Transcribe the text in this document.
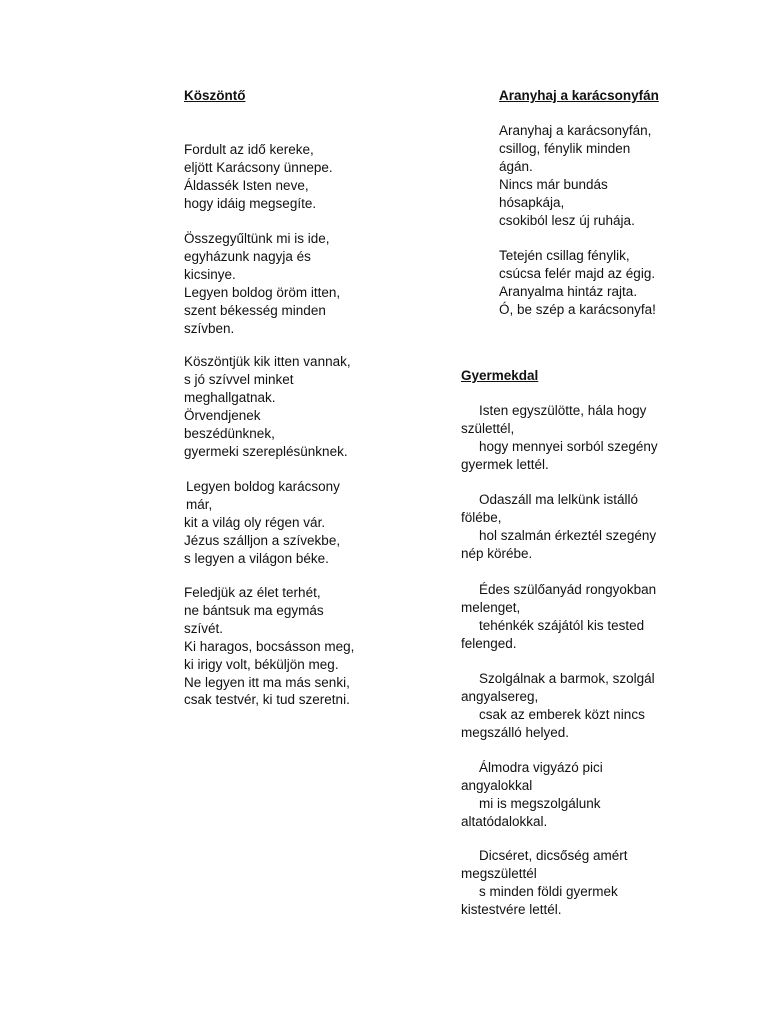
Köszöntő
Fordult az idő kereke,
eljött Karácsony ünnepe.
Áldassék Isten neve,
hogy idáig megsegíte.
Összegyűltünk mi is ide,
egyházunk nagyja és
kicsinye.
Legyen boldog öröm itten,
szent békesség minden
szívben.
Köszöntjük kik itten vannak,
s jó szívvel minket
meghallgatnak.
Örvendjenek
beszédünknek,
gyermeki szereplésünknek.
Legyen boldog karácsony
már,
kit a világ oly régen vár.
Jézus szálljon a szívekbe,
s legyen a világon béke.
Feledjük az élet terhét,
ne bántsuk ma egymás
szívét.
Ki haragos, bocsásson meg,
ki irigy volt, béküljön meg.
Ne legyen itt ma más senki,
csak testvér, ki tud szeretni.
Aranyhaj a karácsonyfán
Aranyhaj a karácsonyfán,
csillog, fénylik minden
ágán.
Nincs már bundás
hósapkája,
csokiból lesz új ruhája.
Tetején csillag fénylik,
csúcsa felér majd az égig.
Aranyalma hintáz rajta.
Ó, be szép a karácsonyfa!
Gyermekdal
Isten egyszülötte, hála hogy
születtél,
hogy mennyei sorból szegény
gyermek lettél.
Odaszáll ma lelkünk istálló
fölébe,
hol szalmán érkeztél szegény
nép körébe.
Édes szülőanyád rongyokban
melenget,
tehénkék szájától kis tested
felenged.
Szolgálnak a barmok, szolgál
angyalsereg,
csak az emberek közt nincs
megszálló helyed.
Álmodra vigyázó pici
angyalokkal
mi is megszolgálunk
altatódalokkal.
Dicséret, dicsőség amért
megszülettél
s minden földi gyermek
kistestvére lettél.
